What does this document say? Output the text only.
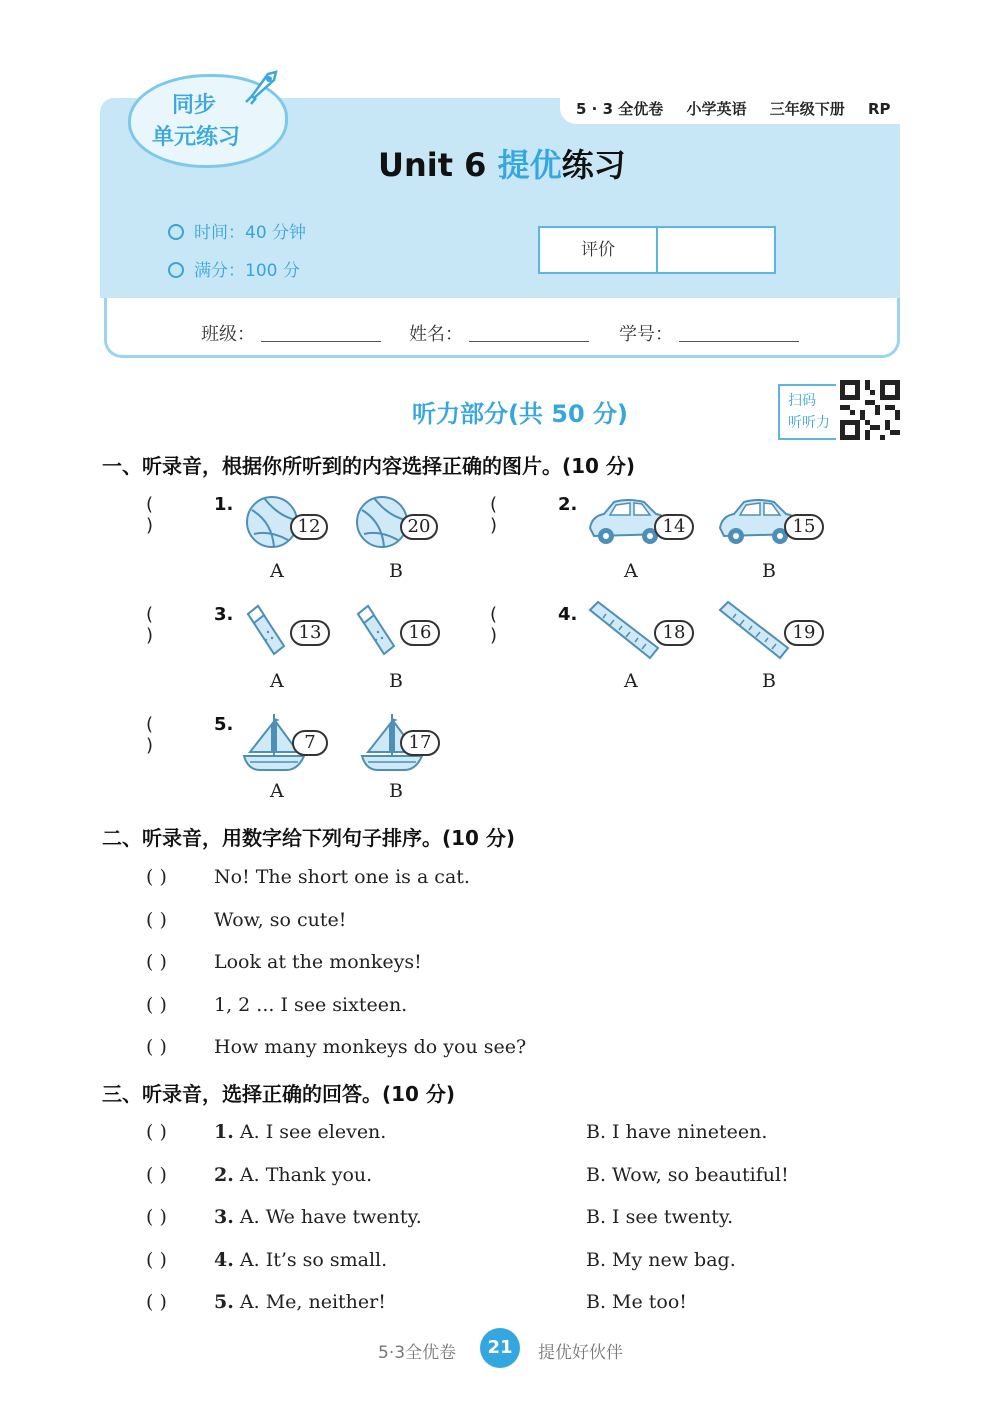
5 · 3 全优卷 小学英语 三年级下册 RP
同步
单元练习
Unit 6 提优练习
时间：40 分钟
满分：100 分
评价
班级：	姓名：	学号：
听力部分(共 50 分)	扫码
听听力
一、听录音，根据你所听到的内容选择正确的图片。(10 分)
( )
1.
12	20
A	B
( )
2.
14	15
A	B
( )
3.
13	16
A	B
( )
4.
18	19
A	B
( )
5.
7	17
A	B
二、听录音，用数字给下列句子排序。(10 分)
( ) No! The short one is a cat.
( ) Wow, so cute!
( ) Look at the monkeys!
( ) 1, 2 ... I see sixteen.
( ) How many monkeys do you see?
三、听录音，选择正确的回答。(10 分)
( ) 1. A. I see eleven.	B. I have nineteen.
( ) 2. A. Thank you.	B. Wow, so beautiful!
( ) 3. A. We have twenty.	B. I see twenty.
( ) 4. A. It’s so small.	B. My new bag.
( ) 5. A. Me, neither!	B. Me too!
5·3全优卷	21	提优好伙伴
